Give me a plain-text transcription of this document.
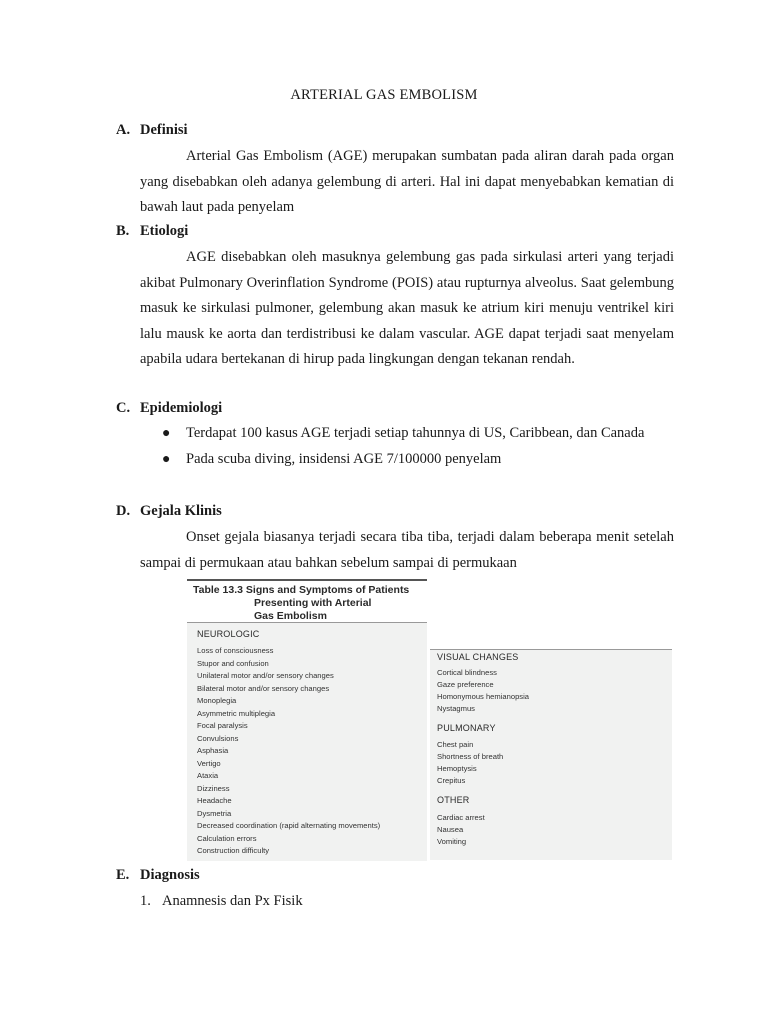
ARTERIAL GAS EMBOLISM
A. Definisi

Arterial Gas Embolism (AGE) merupakan sumbatan pada aliran darah pada organ yang disebabkan oleh adanya gelembung di arteri. Hal ini dapat menyebabkan kematian di bawah laut pada penyelam

B. Etiologi

AGE disebabkan oleh masuknya gelembung gas pada sirkulasi arteri yang terjadi akibat Pulmonary Overinflation Syndrome (POIS) atau rupturnya alveolus. Saat gelembung masuk ke sirkulasi pulmoner, gelembung akan masuk ke atrium kiri menuju ventrikel kiri lalu mausk ke aorta dan terdistribusi ke dalam vascular. AGE dapat terjadi saat menyelam apabila udara bertekanan di hirup pada lingkungan dengan tekanan rendah.

C. Epidemiologi
● Terdapat 100 kasus AGE terjadi setiap tahunnya di US, Caribbean, dan Canada
● Pada scuba diving, insidensi AGE 7/100000 penyelam
D. Gejala Klinis

Onset gejala biasanya terjadi secara tiba tiba, terjadi dalam beberapa menit setelah sampai di permukaan atau bahkan sebelum sampai di permukaan

Table 13.3 Signs and Symptoms of Patients
Presenting with Arterial
Gas Embolism
NEUROLOGIC
Loss of consciousness
Stupor and confusion
Unilateral motor and/or sensory changes
Bilateral motor and/or sensory changes
Monoplegia
Asymmetric multiplegia
Focal paralysis
Convulsions
Asphasia
Vertigo
Ataxia
Dizziness
Headache
Dysmetria
Decreased coordination (rapid alternating movements)
Calculation errors
Construction difficulty
VISUAL CHANGES
Cortical blindness
Gaze preference
Homonymous hemianopsia
Nystagmus
PULMONARY
Chest pain
Shortness of breath
Hemoptysis
Crepitus
OTHER
Cardiac arrest
Nausea
Vomiting
E. Diagnosis
1. Anamnesis dan Px Fisik
